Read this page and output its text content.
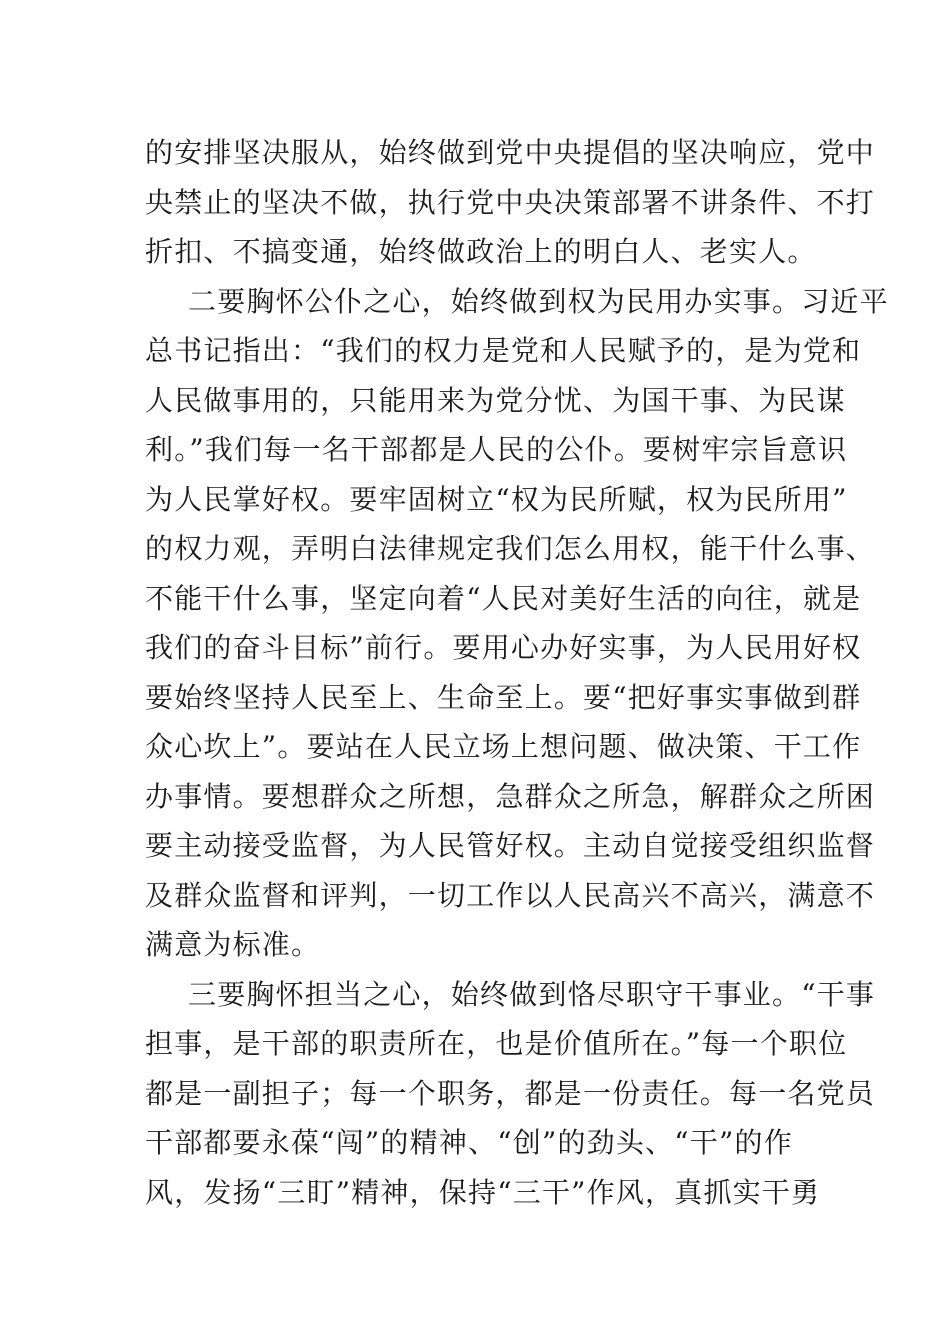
的安排坚决服从，始终做到党中央提倡的坚决响应，党中
央禁止的坚决不做，执行党中央决策部署不讲条件、不打
折扣、不搞变通，始终做政治上的明白人、老实人。
二要胸怀公仆之心，始终做到权为民用办实事。习近平
总书记指出：“我们的权力是党和人民赋予的，是为党和
人民做事用的，只能用来为党分忧、为国干事、为民谋
利。”我们每一名干部都是人民的公仆。要树牢宗旨意识
为人民掌好权。要牢固树立“权为民所赋，权为民所用”
的权力观，弄明白法律规定我们怎么用权，能干什么事、
不能干什么事，坚定向着“人民对美好生活的向往，就是
我们的奋斗目标”前行。要用心办好实事，为人民用好权
要始终坚持人民至上、生命至上。要“把好事实事做到群
众心坎上”。要站在人民立场上想问题、做决策、干工作
办事情。要想群众之所想，急群众之所急，解群众之所困
要主动接受监督，为人民管好权。主动自觉接受组织监督
及群众监督和评判，一切工作以人民高兴不高兴，满意不
满意为标准。
三要胸怀担当之心，始终做到恪尽职守干事业。“干事
担事，是干部的职责所在，也是价值所在。”每一个职位
都是一副担子；每一个职务，都是一份责任。每一名党员
干部都要永葆“闯”的精神、“创”的劲头、“干”的作
风，发扬“三盯”精神，保持“三干”作风，真抓实干勇
